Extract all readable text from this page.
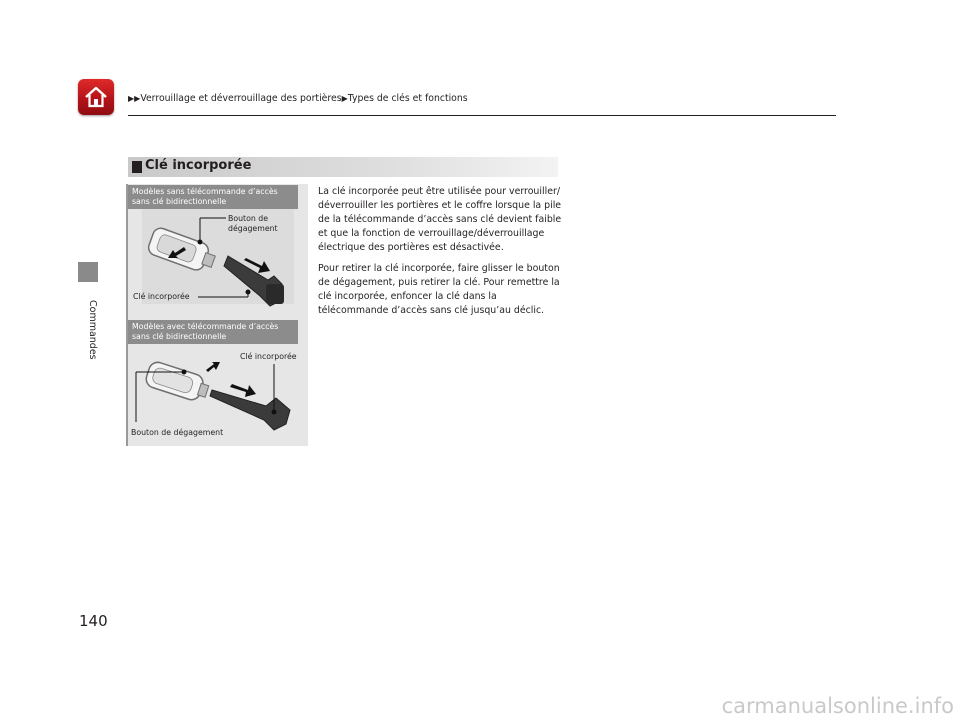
▶▶Verrouillage et déverrouillage des portières▶Types de clés et fonctions
Commandes
140
Clé incorporée
Modèles sans télécommande d’accès sans clé bidirectionnelle
Modèles avec télécommande d’accès sans clé bidirectionnelle
Bouton de dégagement
Clé incorporée
Clé incorporée
Bouton de dégagement

La clé incorporée peut être utilisée pour verrouiller/ déverrouiller les portières et le coffre lorsque la pile de la télécommande d’accès sans clé devient faible et que la fonction de verrouillage/déverrouillage électrique des portières est désactivée.

Pour retirer la clé incorporée, faire glisser le bouton de dégagement, puis retirer la clé. Pour remettre la clé incorporée, enfoncer la clé dans la télécommande d’accès sans clé jusqu’au déclic.

carmanualsonline.info
